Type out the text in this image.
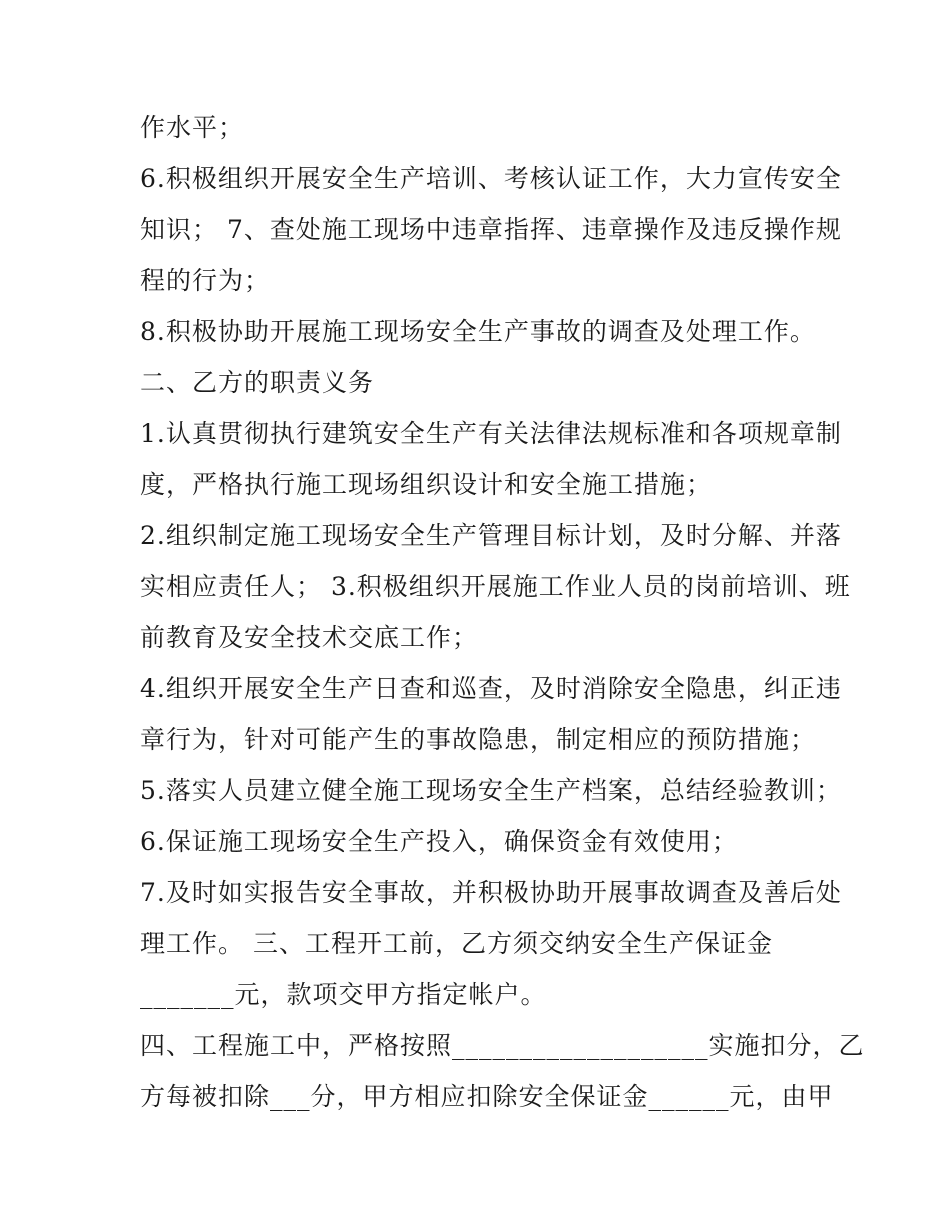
作水平；
6.积极组织开展安全生产培训、考核认证工作，大力宣传安全
知识； 7、查处施工现场中违章指挥、违章操作及违反操作规
程的行为；
8.积极协助开展施工现场安全生产事故的调查及处理工作。
二、乙方的职责义务
1.认真贯彻执行建筑安全生产有关法律法规标准和各项规章制
度，严格执行施工现场组织设计和安全施工措施；
2.组织制定施工现场安全生产管理目标计划，及时分解、并落
实相应责任人； 3.积极组织开展施工作业人员的岗前培训、班
前教育及安全技术交底工作；
4.组织开展安全生产日查和巡查，及时消除安全隐患，纠正违
章行为，针对可能产生的事故隐患，制定相应的预防措施；
5.落实人员建立健全施工现场安全生产档案，总结经验教训；
6.保证施工现场安全生产投入，确保资金有效使用；
7.及时如实报告安全事故，并积极协助开展事故调查及善后处
理工作。 三、工程开工前，乙方须交纳安全生产保证金
_______元，款项交甲方指定帐户。
四、工程施工中，严格按照___________________实施扣分，乙
方每被扣除___分，甲方相应扣除安全保证金______元，由甲
